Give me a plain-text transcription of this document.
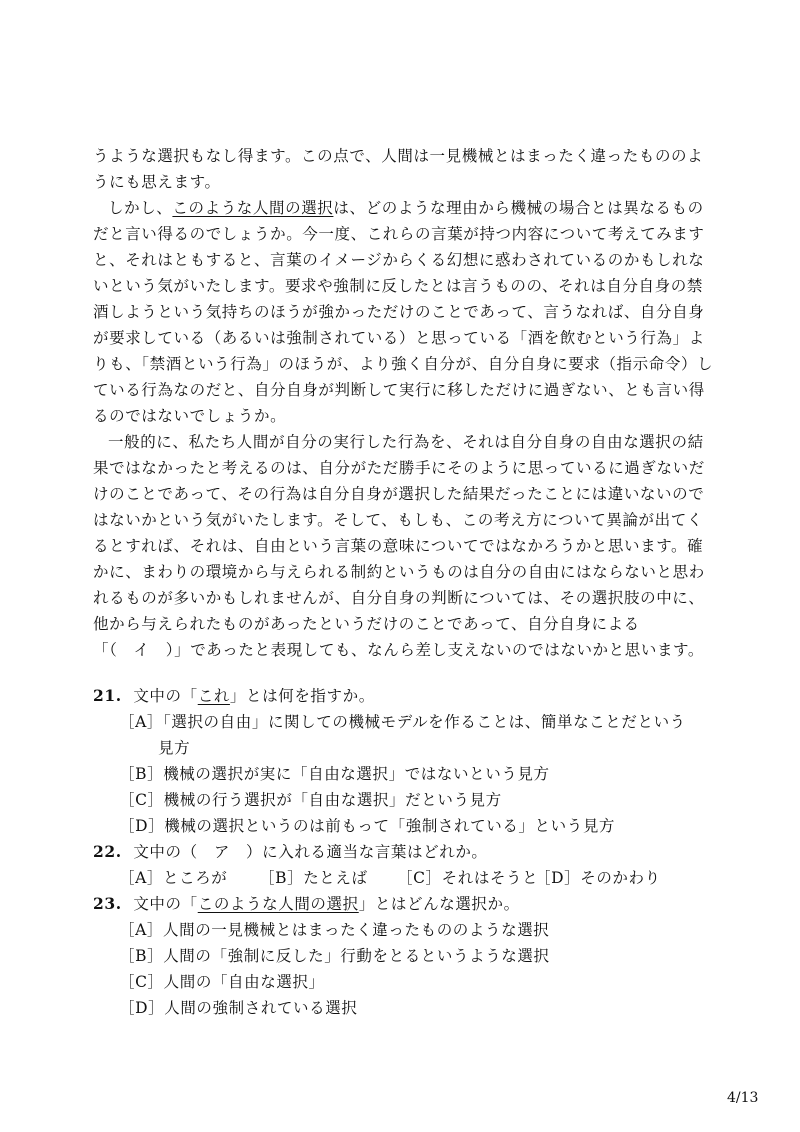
うような選択もなし得ます。この点で、人間は一見機械とはまったく違ったもののよ
うにも思えます。
しかし、このような人間の選択は、どのような理由から機械の場合とは異なるもの
だと言い得るのでしょうか。今一度、これらの言葉が持つ内容について考えてみます
と、それはともすると、言葉のイメージからくる幻想に惑わされているのかもしれな
いという気がいたします。要求や強制に反したとは言うものの、それは自分自身の禁
酒しようという気持ちのほうが強かっただけのことであって、言うなれば、自分自身
が要求している（あるいは強制されている）と思っている「酒を飲むという行為」よ
りも、「禁酒という行為」のほうが、より強く自分が、自分自身に要求（指示命令）し
ている行為なのだと、自分自身が判断して実行に移しただけに過ぎない、とも言い得
るのではないでしょうか。
一般的に、私たち人間が自分の実行した行為を、それは自分自身の自由な選択の結
果ではなかったと考えるのは、自分がただ勝手にそのように思っているに過ぎないだ
けのことであって、その行為は自分自身が選択した結果だったことには違いないので
はないかという気がいたします。そして、もしも、この考え方について異論が出てく
るとすれば、それは、自由という言葉の意味についてではなかろうかと思います。確
かに、まわりの環境から与えられる制約というものは自分の自由にはならないと思わ
れるものが多いかもしれませんが、自分自身の判断については、その選択肢の中に、
他から与えられたものがあったというだけのことであって、自分自身による
「（　イ　）」であったと表現しても、なんら差し支えないのではないかと思います。
21. 文中の「これ」とは何を指すか。
［A］「選択の自由」に関しての機械モデルを作ることは、簡単なことだという
見方
［B］機械の選択が実に「自由な選択」ではないという見方
［C］機械の行う選択が「自由な選択」だという見方
［D］機械の選択というのは前もって「強制されている」という見方
22. 文中の（　ア　）に入れる適当な言葉はどれか。
［A］ところが ［B］たとえば ［C］それはそうと
［D］そのかわり
23. 文中の「このような人間の選択」とはどんな選択か。
［A］人間の一見機械とはまったく違ったもののような選択
［B］人間の「強制に反した」行動をとるというような選択
［C］人間の「自由な選択」
［D］人間の強制されている選択
4/13
